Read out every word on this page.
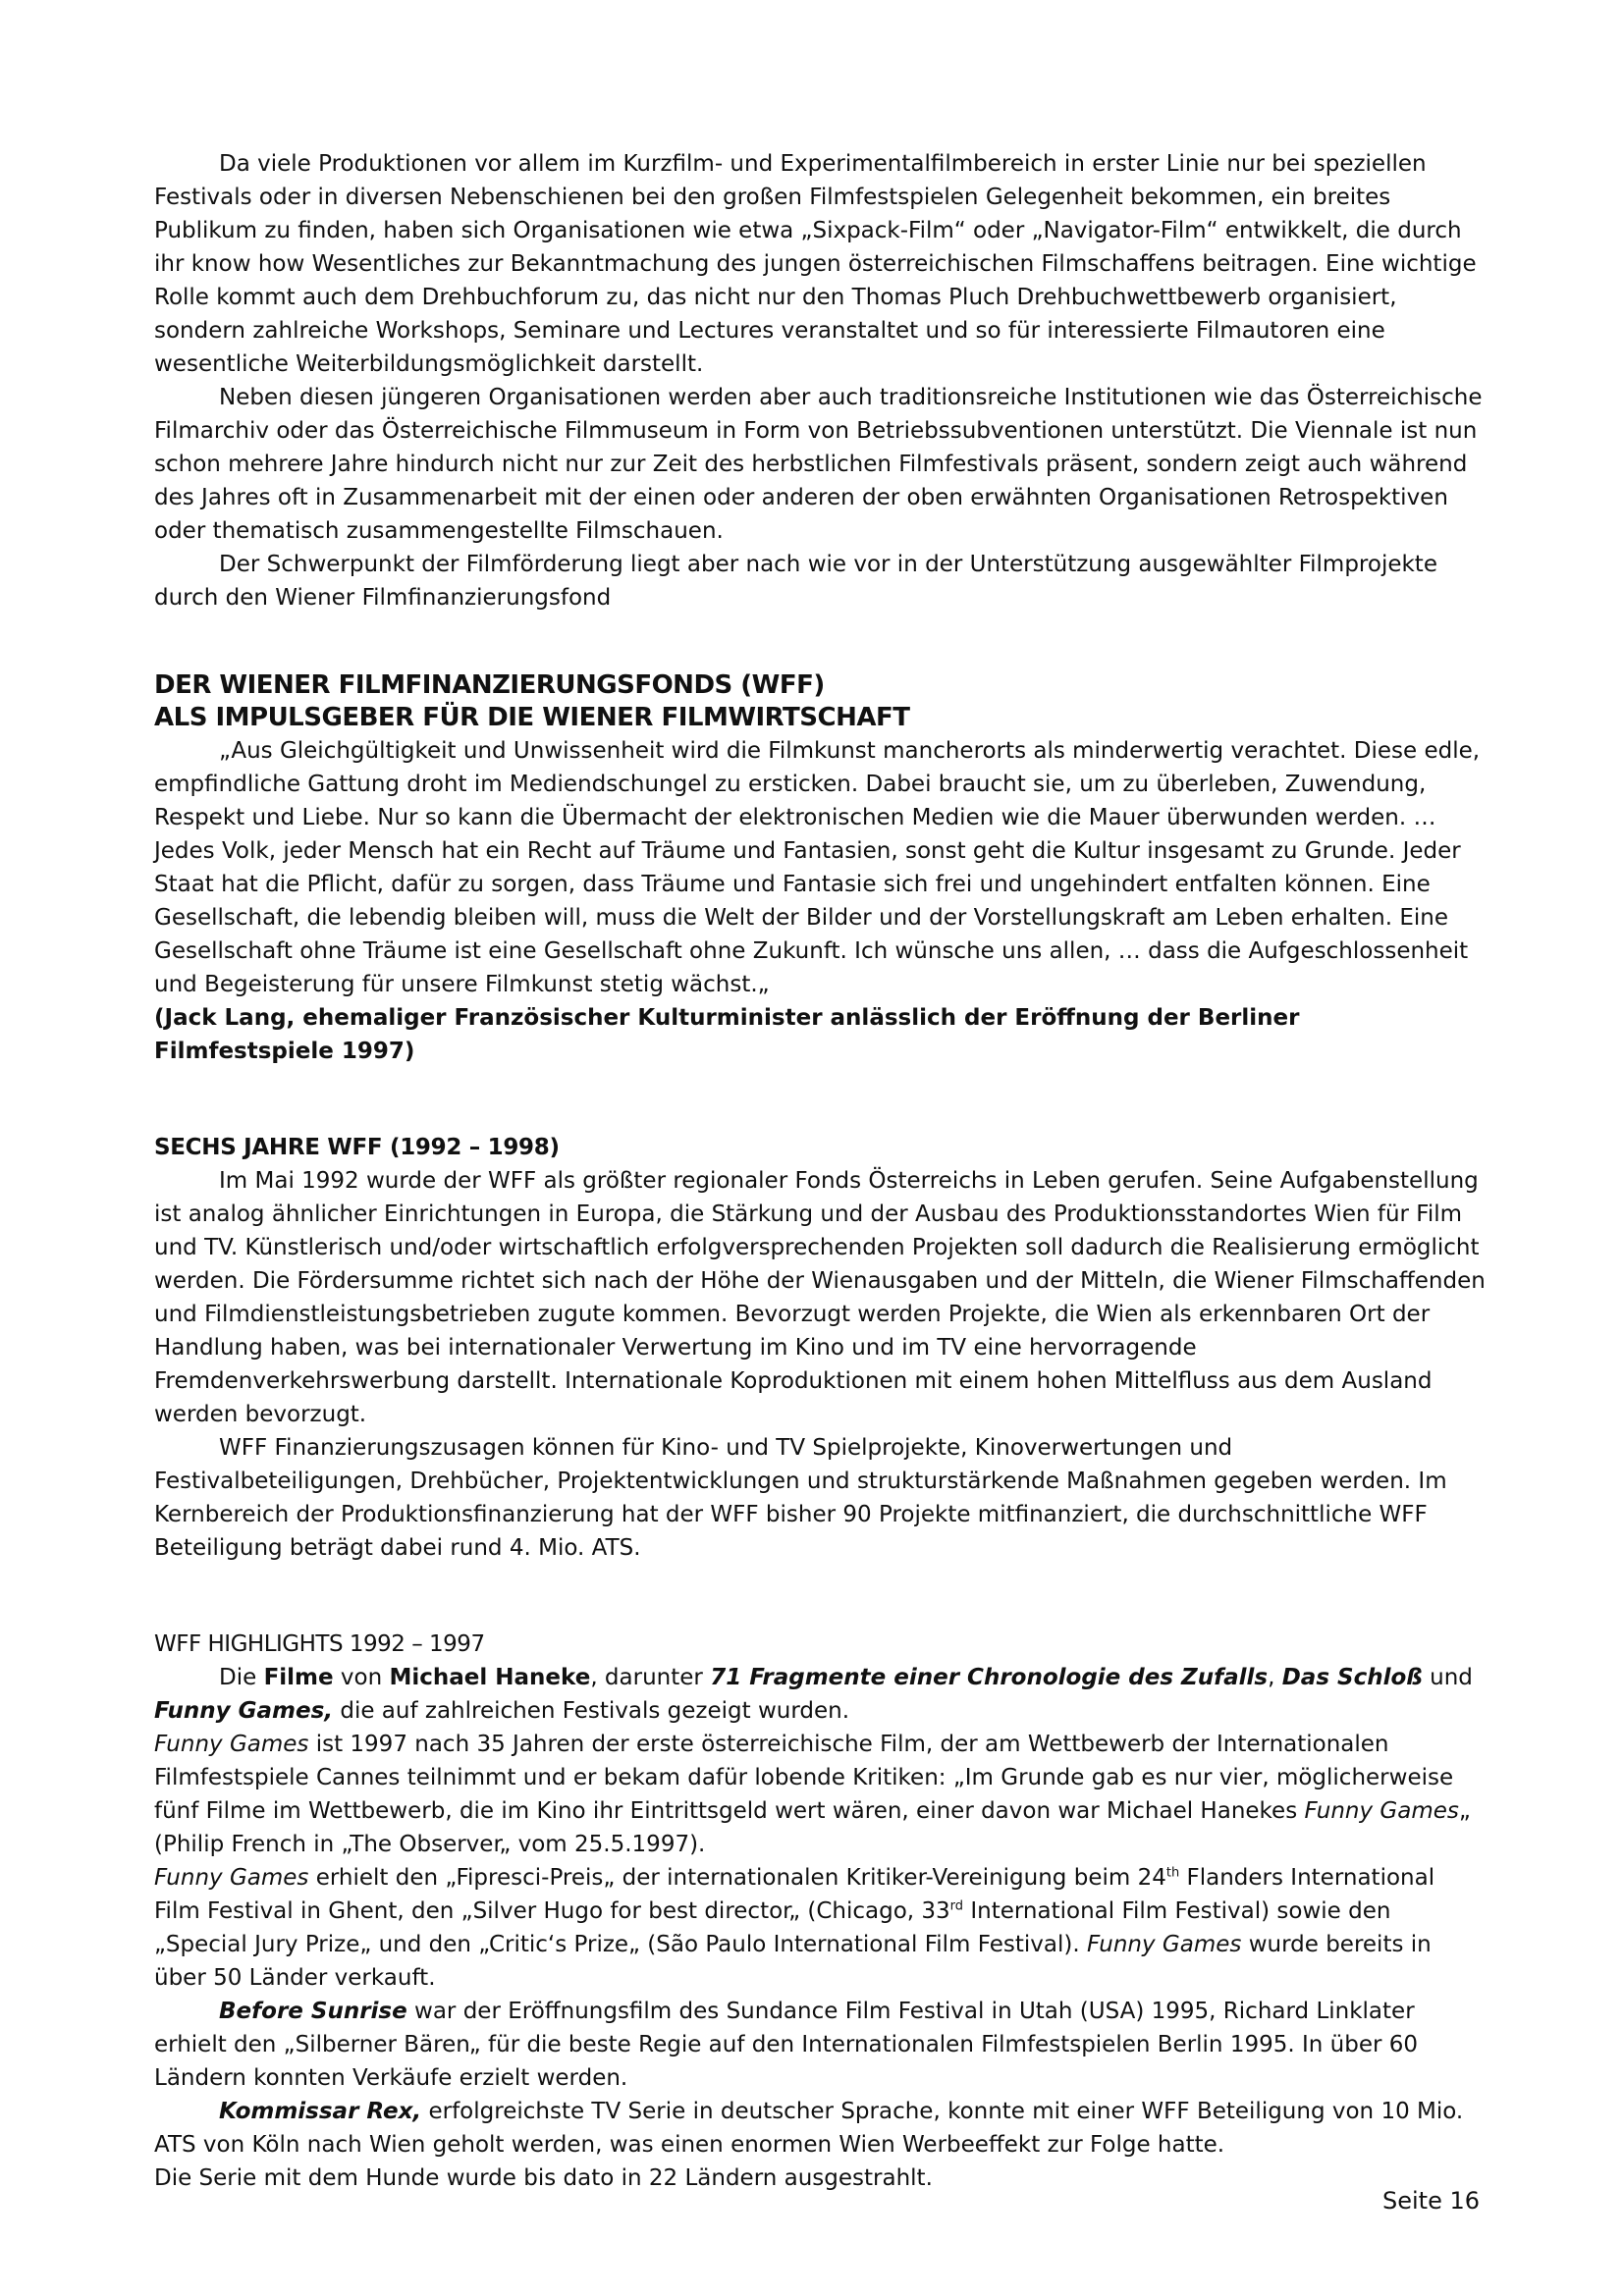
Da viele Produktionen vor allem im Kurzfilm- und Experimentalfilmbereich in erster Linie nur bei speziellen Festivals oder in diversen Nebenschienen bei den großen Filmfestspielen Gelegenheit bekommen, ein breites Publikum zu finden, haben sich Organisationen wie etwa „Sixpack-Film“ oder „Navigator-Film“ entwikkelt, die durch ihr know how Wesentliches zur Bekanntmachung des jungen österreichischen Filmschaffens beitragen. Eine wichtige Rolle kommt auch dem Drehbuchforum zu, das nicht nur den Thomas Pluch Drehbuchwettbewerb organisiert, sondern zahlreiche Workshops, Seminare und Lectures veranstaltet und so für interessierte Filmautoren eine wesentliche Weiterbildungsmöglichkeit darstellt.

Neben diesen jüngeren Organisationen werden aber auch traditionsreiche Institutionen wie das Österreichische Filmarchiv oder das Österreichische Filmmuseum in Form von Betriebssubventionen unterstützt. Die Viennale ist nun schon mehrere Jahre hindurch nicht nur zur Zeit des herbstlichen Filmfestivals präsent, sondern zeigt auch während des Jahres oft in Zusammenarbeit mit der einen oder anderen der oben erwähnten Organisationen Retrospektiven oder thematisch zusammengestellte Filmschauen.

Der Schwerpunkt der Filmförderung liegt aber nach wie vor in der Unterstützung ausgewählter Filmprojekte durch den Wiener Filmfinanzierungsfond

DER WIENER FILMFINANZIERUNGSFONDS (WFF)

ALS IMPULSGEBER FÜR DIE WIENER FILMWIRTSCHAFT

„Aus Gleichgültigkeit und Unwissenheit wird die Filmkunst mancherorts als minderwertig verachtet. Diese edle, empfindliche Gattung droht im Mediendschungel zu ersticken. Dabei braucht sie, um zu überleben, Zuwendung, Respekt und Liebe. Nur so kann die Übermacht der elektronischen Medien wie die Mauer überwunden werden. … Jedes Volk, jeder Mensch hat ein Recht auf Träume und Fantasien, sonst geht die Kultur insgesamt zu Grunde. Jeder Staat hat die Pflicht, dafür zu sorgen, dass Träume und Fantasie sich frei und ungehindert entfalten können. Eine Gesellschaft, die lebendig bleiben will, muss die Welt der Bilder und der Vorstellungskraft am Leben erhalten. Eine Gesellschaft ohne Träume ist eine Gesellschaft ohne Zukunft. Ich wünsche uns allen, … dass die Aufgeschlossenheit und Begeisterung für unsere Filmkunst stetig wächst.„

(Jack Lang, ehemaliger Französischer Kulturminister anlässlich der Eröffnung der Berliner Filmfestspiele 1997)

SECHS JAHRE WFF (1992 – 1998)

Im Mai 1992 wurde der WFF als größter regionaler Fonds Österreichs in Leben gerufen. Seine Aufgabenstellung ist analog ähnlicher Einrichtungen in Europa, die Stärkung und der Ausbau des Produktionsstandortes Wien für Film und TV. Künstlerisch und/oder wirtschaftlich erfolgversprechenden Projekten soll dadurch die Realisierung ermöglicht werden. Die Fördersumme richtet sich nach der Höhe der Wienausgaben und der Mitteln, die Wiener Filmschaffenden und Filmdienstleistungsbetrieben zugute kommen. Bevorzugt werden Projekte, die Wien als erkennbaren Ort der Handlung haben, was bei internationaler Verwertung im Kino und im TV eine hervorragende Fremdenverkehrswerbung darstellt. Internationale Koproduktionen mit einem hohen Mittelfluss aus dem Ausland werden bevorzugt.

WFF Finanzierungszusagen können für Kino- und TV Spielprojekte, Kinoverwertungen und Festivalbeteiligungen, Drehbücher, Projektentwicklungen und strukturstärkende Maßnahmen gegeben werden. Im Kernbereich der Produktionsfinanzierung hat der WFF bisher 90 Projekte mitfinanziert, die durchschnittliche WFF Beteiligung beträgt dabei rund 4. Mio. ATS.

WFF HIGHLIGHTS 1992 – 1997

Die Filme von Michael Haneke, darunter 71 Fragmente einer Chronologie des Zufalls, Das Schloß und Funny Games, die auf zahlreichen Festivals gezeigt wurden.

Funny Games ist 1997 nach 35 Jahren der erste österreichische Film, der am Wettbewerb der Internationalen Filmfestspiele Cannes teilnimmt und er bekam dafür lobende Kritiken: „Im Grunde gab es nur vier, möglicherweise fünf Filme im Wettbewerb, die im Kino ihr Eintrittsgeld wert wären, einer davon war Michael Hanekes Funny Games„ (Philip French in „The Observer„ vom 25.5.1997).

Funny Games erhielt den „Fipresci-Preis„ der internationalen Kritiker-Vereinigung beim 24th Flanders International Film Festival in Ghent, den „Silver Hugo for best director„ (Chicago, 33rd International Film Festival) sowie den „Special Jury Prize„ und den „Critic‘s Prize„ (São Paulo International Film Festival). Funny Games wurde bereits in über 50 Länder verkauft.

Before Sunrise war der Eröffnungsfilm des Sundance Film Festival in Utah (USA) 1995, Richard Linklater erhielt den „Silberner Bären„ für die beste Regie auf den Internationalen Filmfestspielen Berlin 1995. In über 60 Ländern konnten Verkäufe erzielt werden.

Kommissar Rex, erfolgreichste TV Serie in deutscher Sprache, konnte mit einer WFF Beteiligung von 10 Mio. ATS von Köln nach Wien geholt werden, was einen enormen Wien Werbeeffekt zur Folge hatte.

Die Serie mit dem Hunde wurde bis dato in 22 Ländern ausgestrahlt.

Seite 16
